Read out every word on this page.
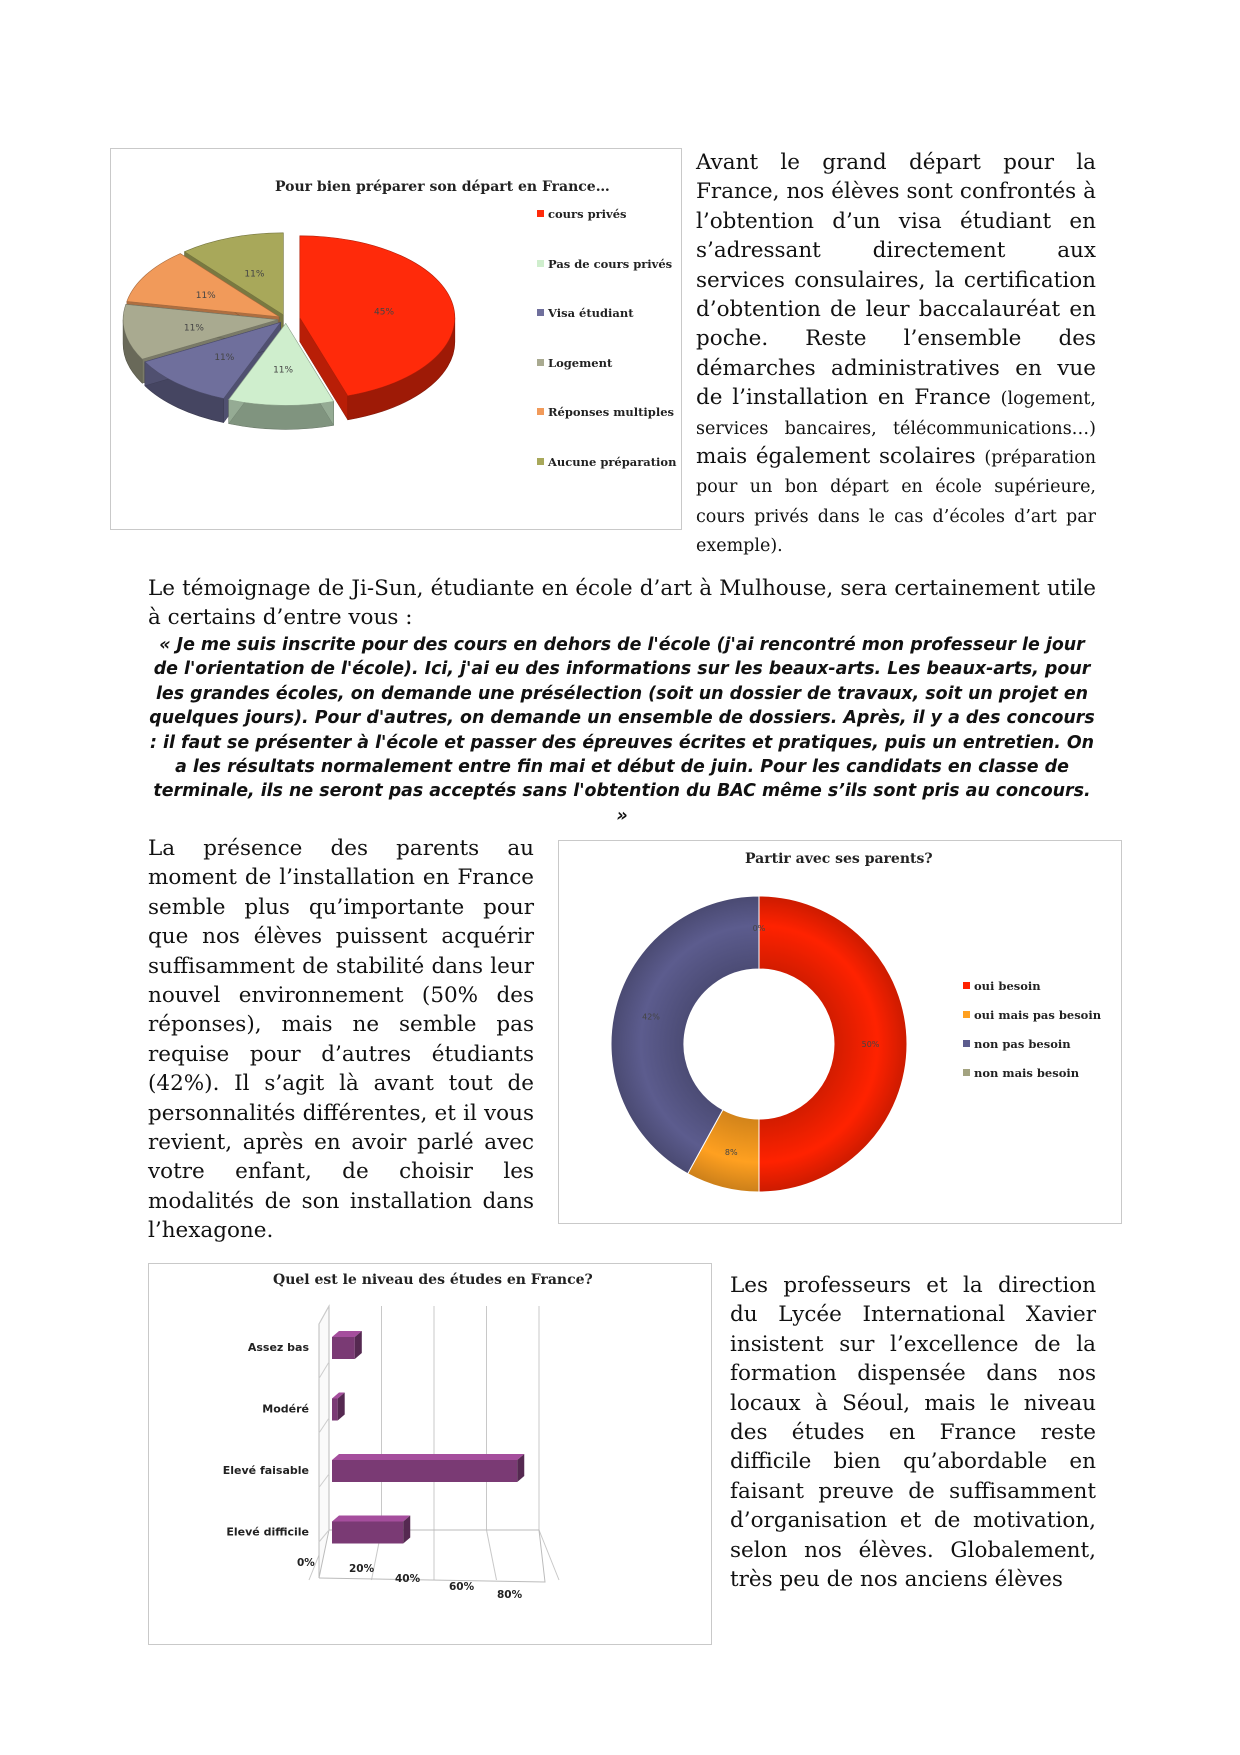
Avant le grand départ pour la France, nos élèves sont confrontés à l’obtention d’un visa étudiant en s’adressant directement aux services consulaires, la certification d’obtention de leur baccalauréat en poche. Reste l’ensemble des démarches administratives en vue de l’installation en France (logement, services bancaires, télécommunications…) mais également scolaires (préparation pour un bon départ en école supérieure, cours privés dans le cas d’écoles d’art par exemple).

Pour bien préparer son départ en France…
45%
11%
11%
11%
11%
11%
cours privés
Pas de cours privés
Visa étudiant
Logement
Réponses multiples
Aucune préparation

Le témoignage de Ji-Sun, étudiante en école d’art à Mulhouse, sera certainement utile à certains d’entre vous :

« Je me suis inscrite pour des cours en dehors de l'école (j'ai rencontré mon professeur le jour de l'orientation de l'école). Ici, j'ai eu des informations sur les beaux-arts. Les beaux-arts, pour les grandes écoles, on demande une présélection (soit un dossier de travaux, soit un projet en quelques jours). Pour d'autres, on demande un ensemble de dossiers. Après, il y a des concours : il faut se présenter à l'école et passer des épreuves écrites et pratiques, puis un entretien. On a les résultats normalement entre fin mai et début de juin. Pour les candidats en classe de terminale, ils ne seront pas acceptés sans l'obtention du BAC même s’ils sont pris au concours. »

La présence des parents au moment de l’installation en France semble plus qu’importante pour que nos élèves puissent acquérir suffisamment de stabilité dans leur nouvel environnement (50% des réponses), mais ne semble pas requise pour d’autres étudiants (42%). Il s’agit là avant tout de personnalités différentes, et il vous revient, après en avoir parlé avec votre enfant, de choisir les modalités de son installation dans l’hexagone.

Partir avec ses parents?
50%
8%
42%
0%
oui besoin
oui mais pas besoin
non pas besoin
non mais besoin
Quel est le niveau des études en France?
0%	20%
40%
60%
80%
Assez bas
Modéré
Elevé faisable
Elevé difficile

Les professeurs et la direction du Lycée International Xavier insistent sur l’excellence de la formation dispensée dans nos locaux à Séoul, mais le niveau des études en France reste difficile bien qu’abordable en faisant preuve de suffisamment d’organisation et de motivation, selon nos élèves. Globalement, très peu de nos anciens élèves
